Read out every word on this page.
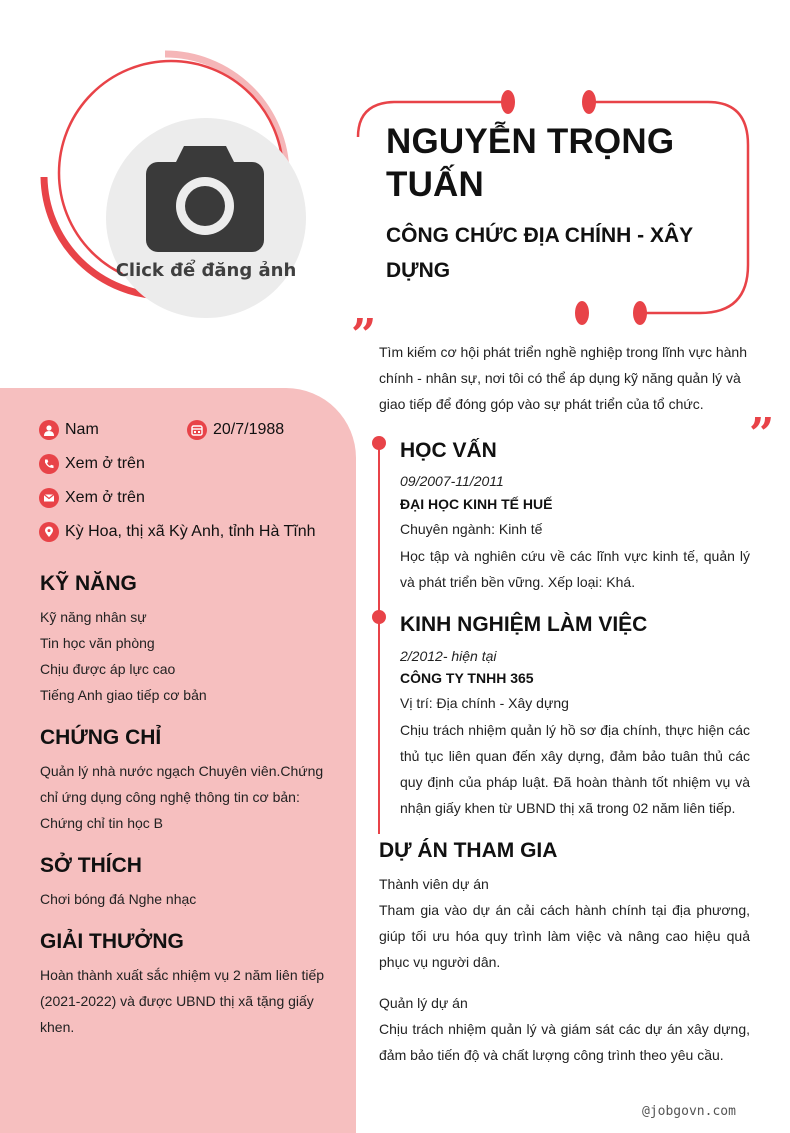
Click để đăng ảnh
NGUYỄN TRỌNG TUẤN
CÔNG CHỨC ĐỊA CHÍNH - XÂY DỰNG
” Tìm kiếm cơ hội phát triển nghề nghiệp trong lĩnh vực hành chính - nhân sự, nơi tôi có thể áp dụng kỹ năng quản lý và giao tiếp để đóng góp vào sự phát triển của tổ chức.
”
Nam	20/7/1988
Xem ở trên
Xem ở trên
Kỳ Hoa, thị xã Kỳ Anh, tỉnh Hà Tĩnh
KỸ NĂNG
Kỹ năng nhân sự
Tin học văn phòng
Chịu được áp lực cao
Tiếng Anh giao tiếp cơ bản
CHỨNG CHỈ
Quản lý nhà nước ngạch Chuyên viên.Chứng chỉ ứng dụng công nghệ thông tin cơ bản: Chứng chỉ tin học B
SỞ THÍCH
Chơi bóng đá Nghe nhạc
GIẢI THƯỞNG
Hoàn thành xuất sắc nhiệm vụ 2 năm liên tiếp (2021-2022) và được UBND thị xã tặng giấy khen.
HỌC VẤN
09/2007-11/2011
ĐẠI HỌC KINH TẾ HUẾ
Chuyên ngành: Kinh tế
Học tập và nghiên cứu về các lĩnh vực kinh tế, quản lý và phát triển bền vững. Xếp loại: Khá.
KINH NGHIỆM LÀM VIỆC
2/2012- hiện tại
CÔNG TY TNHH 365
Vị trí: Địa chính - Xây dựng
Chịu trách nhiệm quản lý hồ sơ địa chính, thực hiện các thủ tục liên quan đến xây dựng, đảm bảo tuân thủ các quy định của pháp luật. Đã hoàn thành tốt nhiệm vụ và nhận giấy khen từ UBND thị xã trong 02 năm liên tiếp.
DỰ ÁN THAM GIA
Thành viên dự án
Tham gia vào dự án cải cách hành chính tại địa phương, giúp tối ưu hóa quy trình làm việc và nâng cao hiệu quả phục vụ người dân.
Quản lý dự án
Chịu trách nhiệm quản lý và giám sát các dự án xây dựng, đảm bảo tiến độ và chất lượng công trình theo yêu cầu.
@jobgovn.com
